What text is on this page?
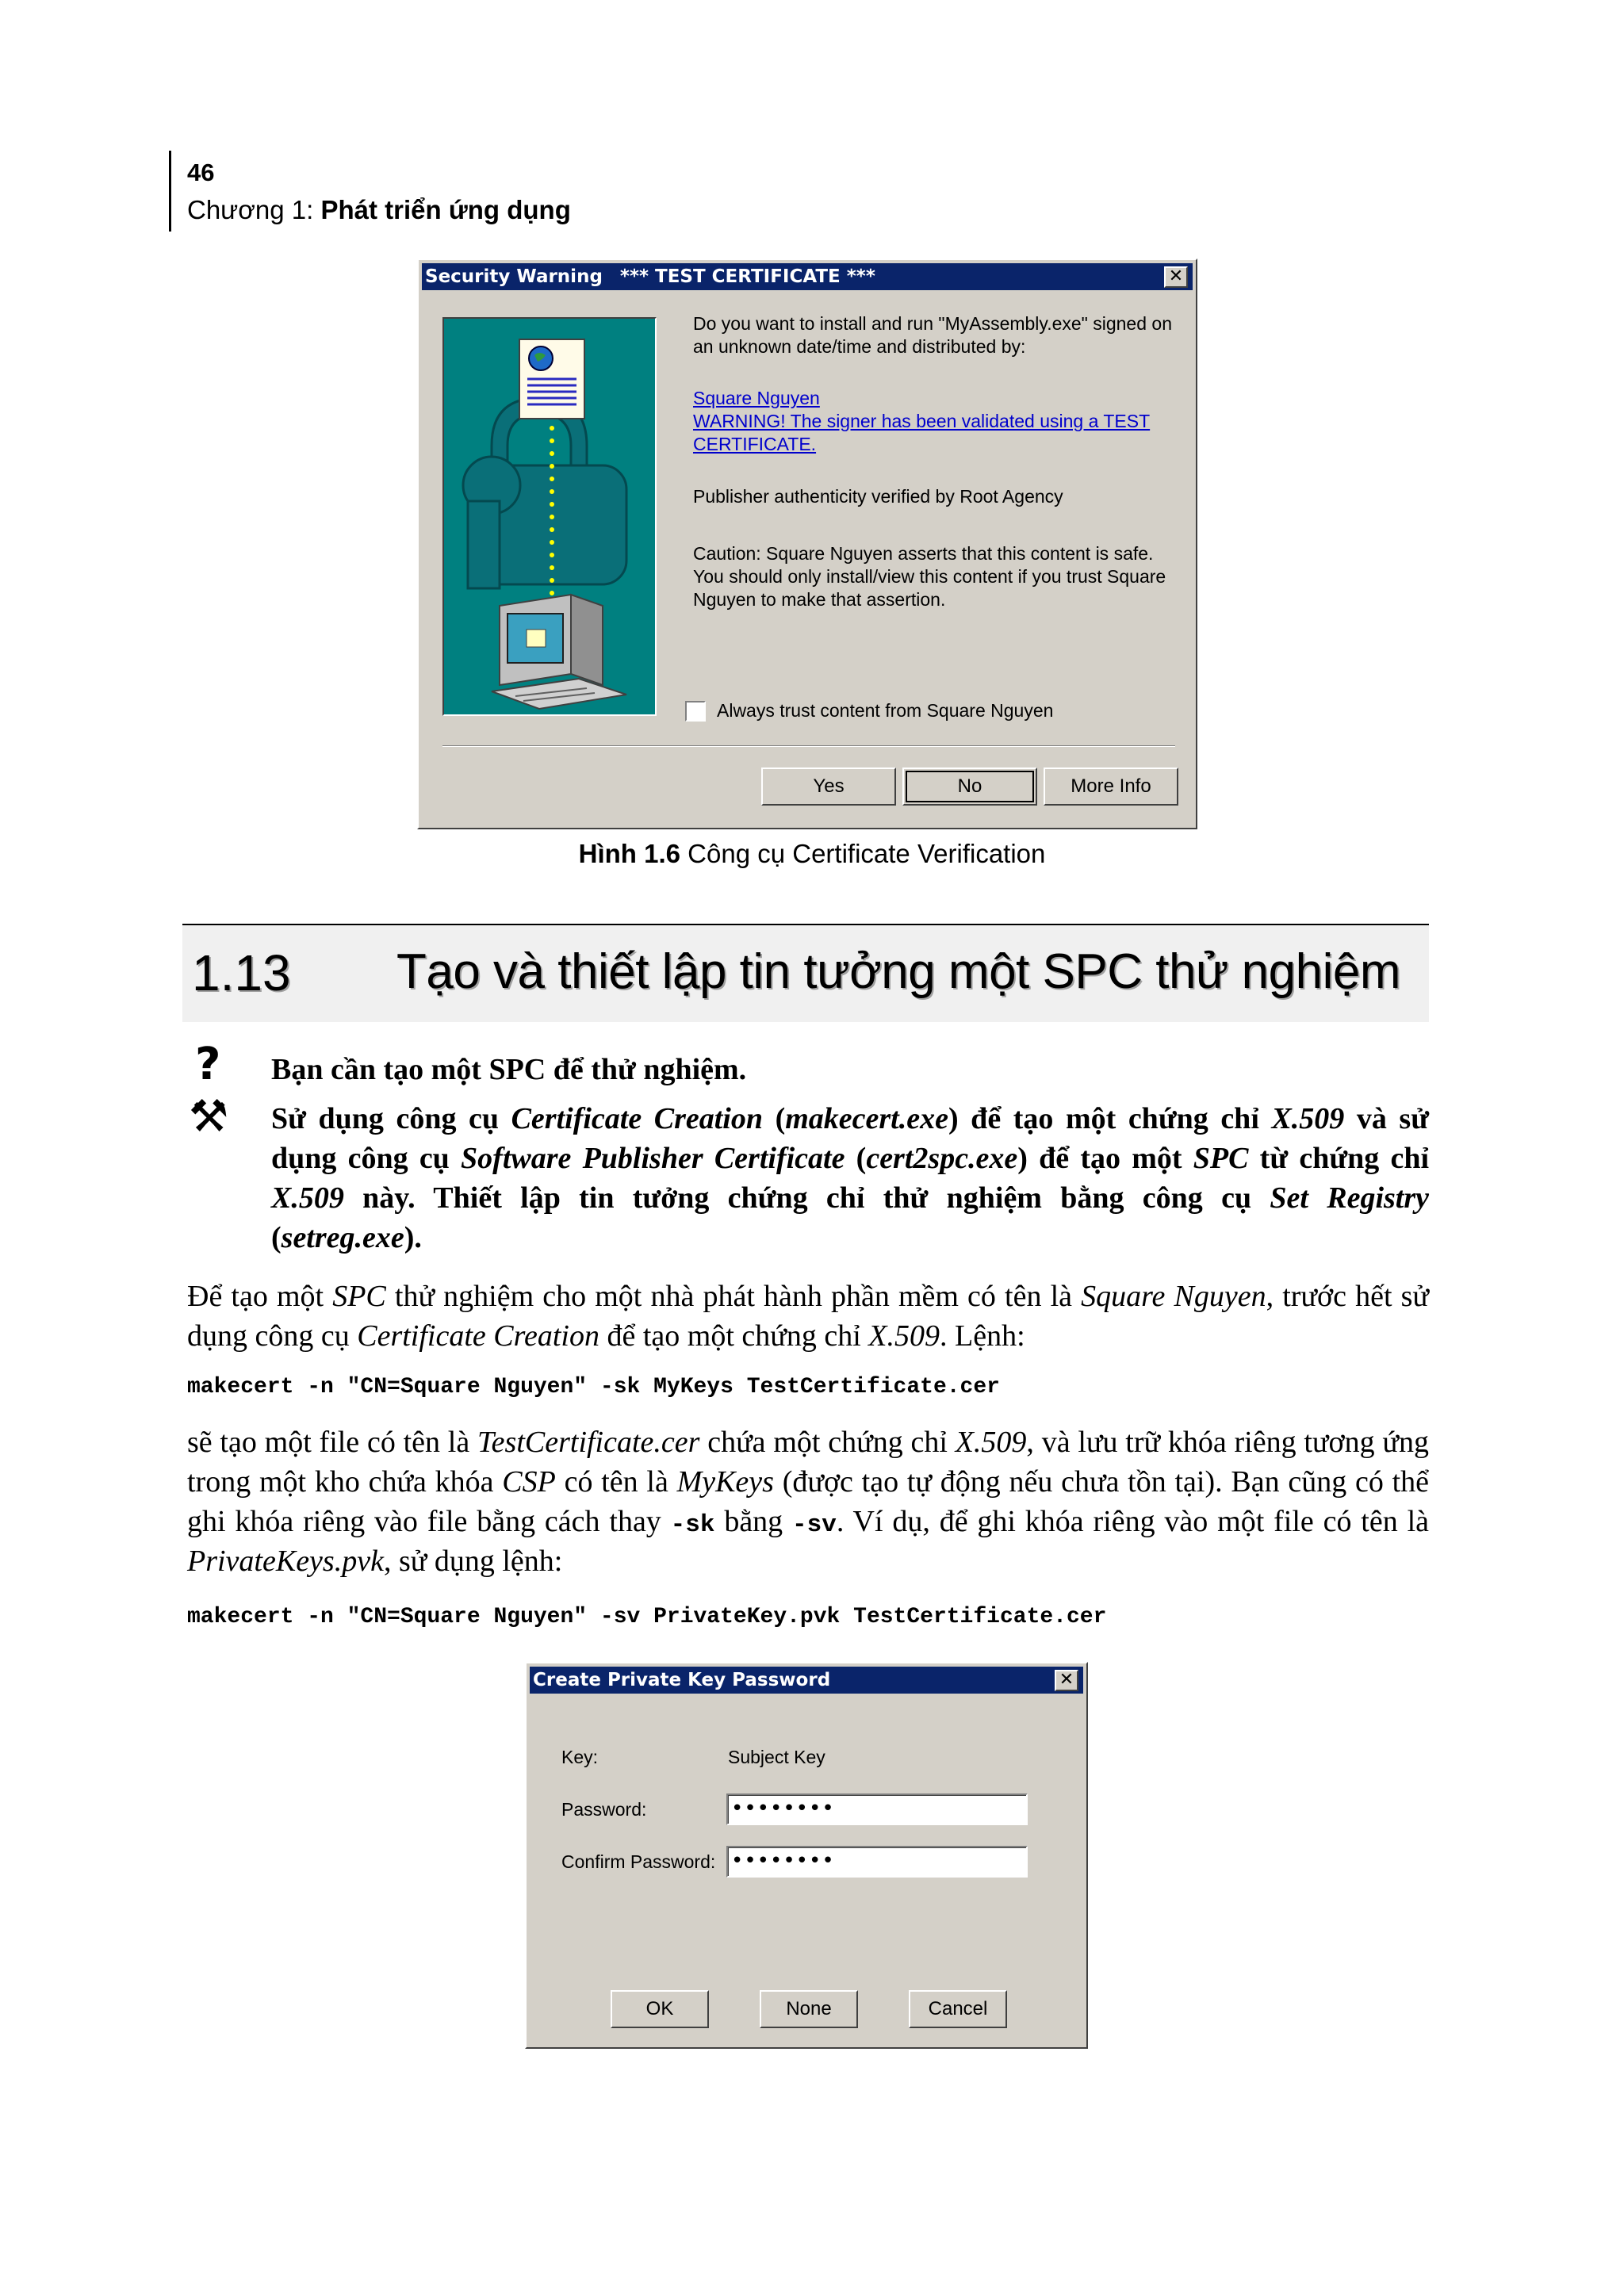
46
Chương 1: Phát triển ứng dụng
Security Warning *** TEST CERTIFICATE ***	✕
Do you want to install and run "MyAssembly.exe" signed on an unknown date/time and distributed by:
Square Nguyen
WARNING! The signer has been validated using a TEST CERTIFICATE.
Publisher authenticity verified by Root Agency
Caution: Square Nguyen asserts that this content is safe. You should only install/view this content if you trust Square Nguyen to make that assertion.
Always trust content from Square Nguyen
Yes	No	More Info
Hình 1.6 Công cụ Certificate Verification
1.13 Tạo và thiết lập tin tưởng một SPC thử nghiệm
? Bạn cần tạo một SPC để thử nghiệm.
⚒ Sử dụng công cụ Certificate Creation (makecert.exe) để tạo một chứng chỉ X.509 và sử dụng công cụ Software Publisher Certificate (cert2spc.exe) để tạo một SPC từ chứng chỉ X.509 này. Thiết lập tin tưởng chứng chỉ thử nghiệm bằng công cụ Set Registry (setreg.exe).
Để tạo một SPC thử nghiệm cho một nhà phát hành phần mềm có tên là Square Nguyen, trước hết sử dụng công cụ Certificate Creation để tạo một chứng chỉ X.509. Lệnh:
makecert -n "CN=Square Nguyen" -sk MyKeys TestCertificate.cer
sẽ tạo một file có tên là TestCertificate.cer chứa một chứng chỉ X.509, và lưu trữ khóa riêng tương ứng trong một kho chứa khóa CSP có tên là MyKeys (được tạo tự động nếu chưa tồn tại). Bạn cũng có thể ghi khóa riêng vào file bằng cách thay -sk bằng -sv. Ví dụ, để ghi khóa riêng vào một file có tên là PrivateKeys.pvk, sử dụng lệnh:
makecert -n "CN=Square Nguyen" -sv PrivateKey.pvk TestCertificate.cer
Create Private Key Password	✕
Key:	Subject Key
Password:	••••••••
Confirm Password: ••••••••
OK	None	Cancel
